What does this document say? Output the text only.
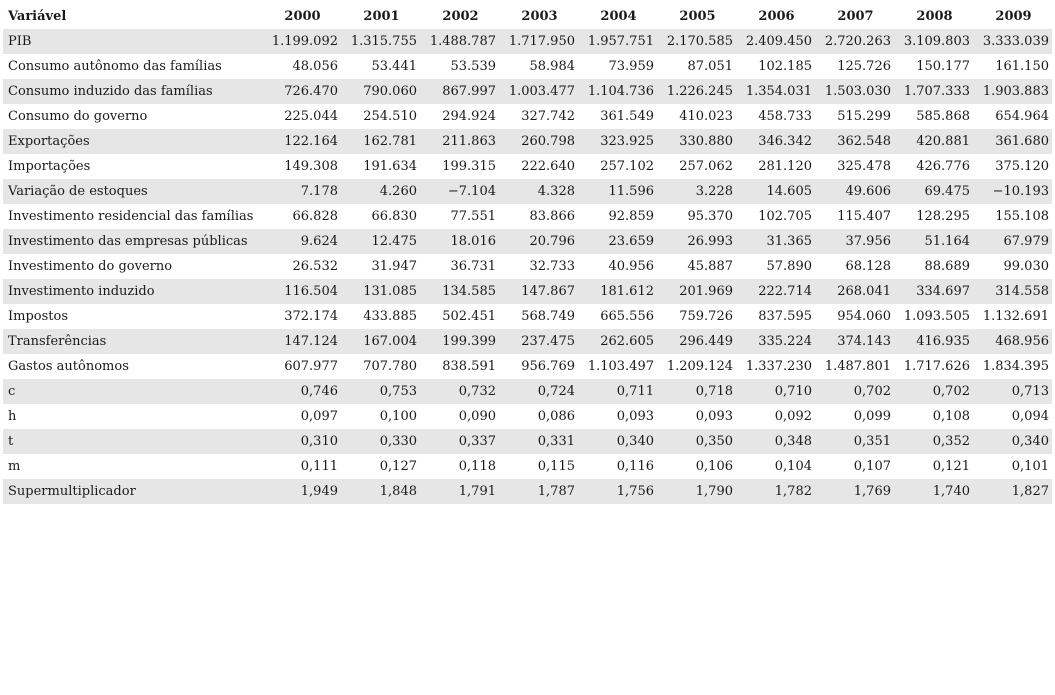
Variável	2000	2001	2002	2003	2004	2005	2006	2007	2008	2009
PIB	1.199.092	1.315.755	1.488.787	1.717.950	1.957.751	2.170.585	2.409.450	2.720.263	3.109.803	3.333.039
Consumo autônomo das famílias	48.056	53.441	53.539	58.984	73.959	87.051	102.185	125.726	150.177	161.150
Consumo induzido das famílias	726.470	790.060	867.997	1.003.477	1.104.736	1.226.245	1.354.031	1.503.030	1.707.333	1.903.883
Consumo do governo	225.044	254.510	294.924	327.742	361.549	410.023	458.733	515.299	585.868	654.964
Exportações	122.164	162.781	211.863	260.798	323.925	330.880	346.342	362.548	420.881	361.680
Importações	149.308	191.634	199.315	222.640	257.102	257.062	281.120	325.478	426.776	375.120
Variação de estoques	7.178	4.260	−7.104	4.328	11.596	3.228	14.605	49.606	69.475	−10.193
Investimento residencial das famílias	66.828	66.830	77.551	83.866	92.859	95.370	102.705	115.407	128.295	155.108
Investimento das empresas públicas	9.624	12.475	18.016	20.796	23.659	26.993	31.365	37.956	51.164	67.979
Investimento do governo	26.532	31.947	36.731	32.733	40.956	45.887	57.890	68.128	88.689	99.030
Investimento induzido	116.504	131.085	134.585	147.867	181.612	201.969	222.714	268.041	334.697	314.558
Impostos	372.174	433.885	502.451	568.749	665.556	759.726	837.595	954.060	1.093.505	1.132.691
Transferências	147.124	167.004	199.399	237.475	262.605	296.449	335.224	374.143	416.935	468.956
Gastos autônomos	607.977	707.780	838.591	956.769	1.103.497	1.209.124	1.337.230	1.487.801	1.717.626	1.834.395
c	0,746	0,753	0,732	0,724	0,711	0,718	0,710	0,702	0,702	0,713
h	0,097	0,100	0,090	0,086	0,093	0,093	0,092	0,099	0,108	0,094
t	0,310	0,330	0,337	0,331	0,340	0,350	0,348	0,351	0,352	0,340
m	0,111	0,127	0,118	0,115	0,116	0,106	0,104	0,107	0,121	0,101
Supermultiplicador	1,949	1,848	1,791	1,787	1,756	1,790	1,782	1,769	1,740	1,827
